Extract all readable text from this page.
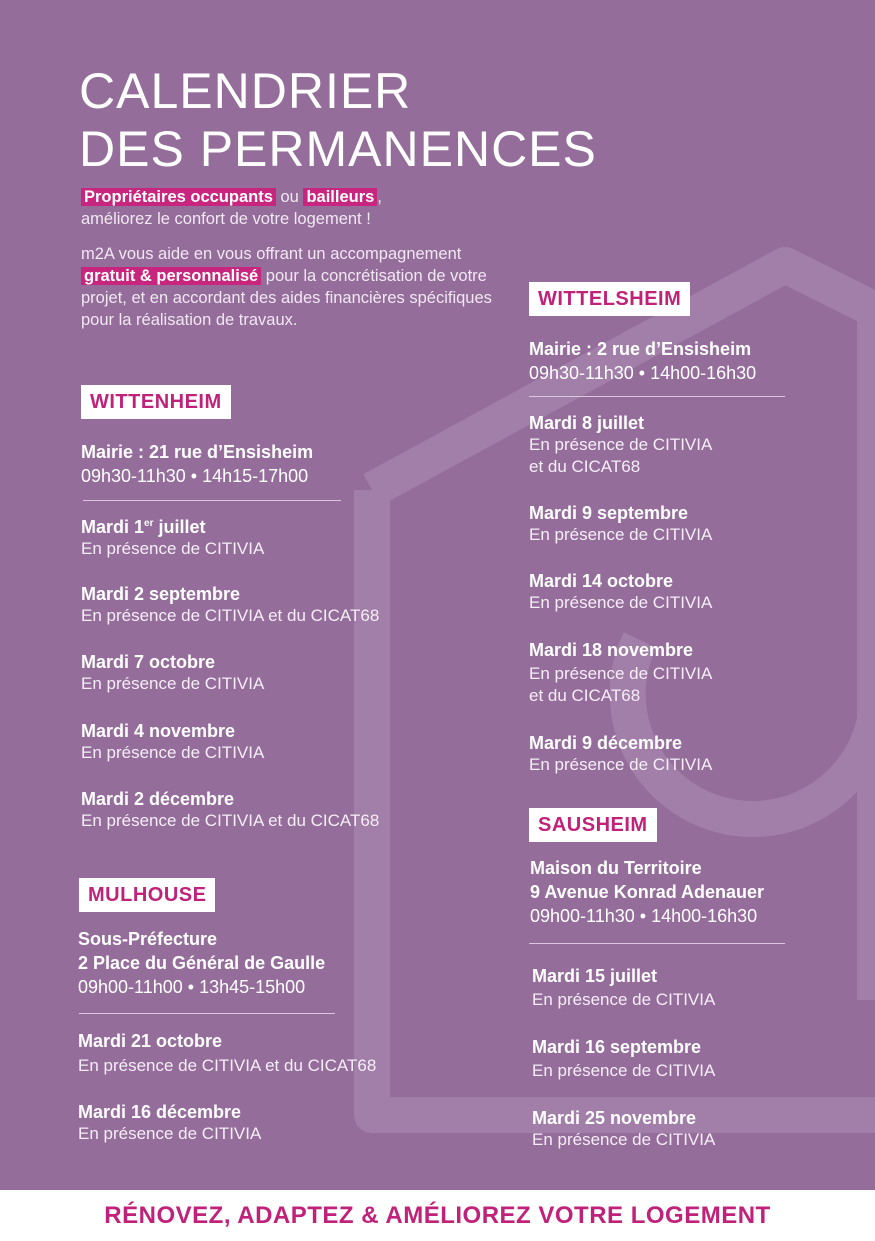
CALENDRIER
DES PERMANENCES

Propriétaires occupants ou bailleurs ,
améliorez le confort de votre logement !

m2A vous aide en vous offrant un accompagnement gratuit & personnalisé pour la concrétisation de votre projet, et en accordant des aides financières spécifiques pour la réalisation de travaux.

WITTENHEIM
Mairie : 21 rue d’Ensisheim
09h30-11h30 • 14h15-17h00
Mardi 1er juillet
En présence de CITIVIA
Mardi 2 septembre
En présence de CITIVIA et du CICAT68
Mardi 7 octobre
En présence de CITIVIA
Mardi 4 novembre
En présence de CITIVIA
Mardi 2 décembre
En présence de CITIVIA et du CICAT68
MULHOUSE
Sous-Préfecture
2 Place du Général de Gaulle
09h00-11h00 • 13h45-15h00
Mardi 21 octobre
En présence de CITIVIA et du CICAT68
Mardi 16 décembre
En présence de CITIVIA
WITTELSHEIM
Mairie : 2 rue d’Ensisheim
09h30-11h30 • 14h00-16h30
Mardi 8 juillet
En présence de CITIVIA
et du CICAT68
Mardi 9 septembre
En présence de CITIVIA
Mardi 14 octobre
En présence de CITIVIA
Mardi 18 novembre
En présence de CITIVIA
et du CICAT68
Mardi 9 décembre
En présence de CITIVIA
SAUSHEIM
Maison du Territoire
9 Avenue Konrad Adenauer
09h00-11h30 • 14h00-16h30
Mardi 15 juillet
En présence de CITIVIA
Mardi 16 septembre
En présence de CITIVIA
Mardi 25 novembre
En présence de CITIVIA
RÉNOVEZ, ADAPTEZ & AMÉLIOREZ VOTRE LOGEMENT
